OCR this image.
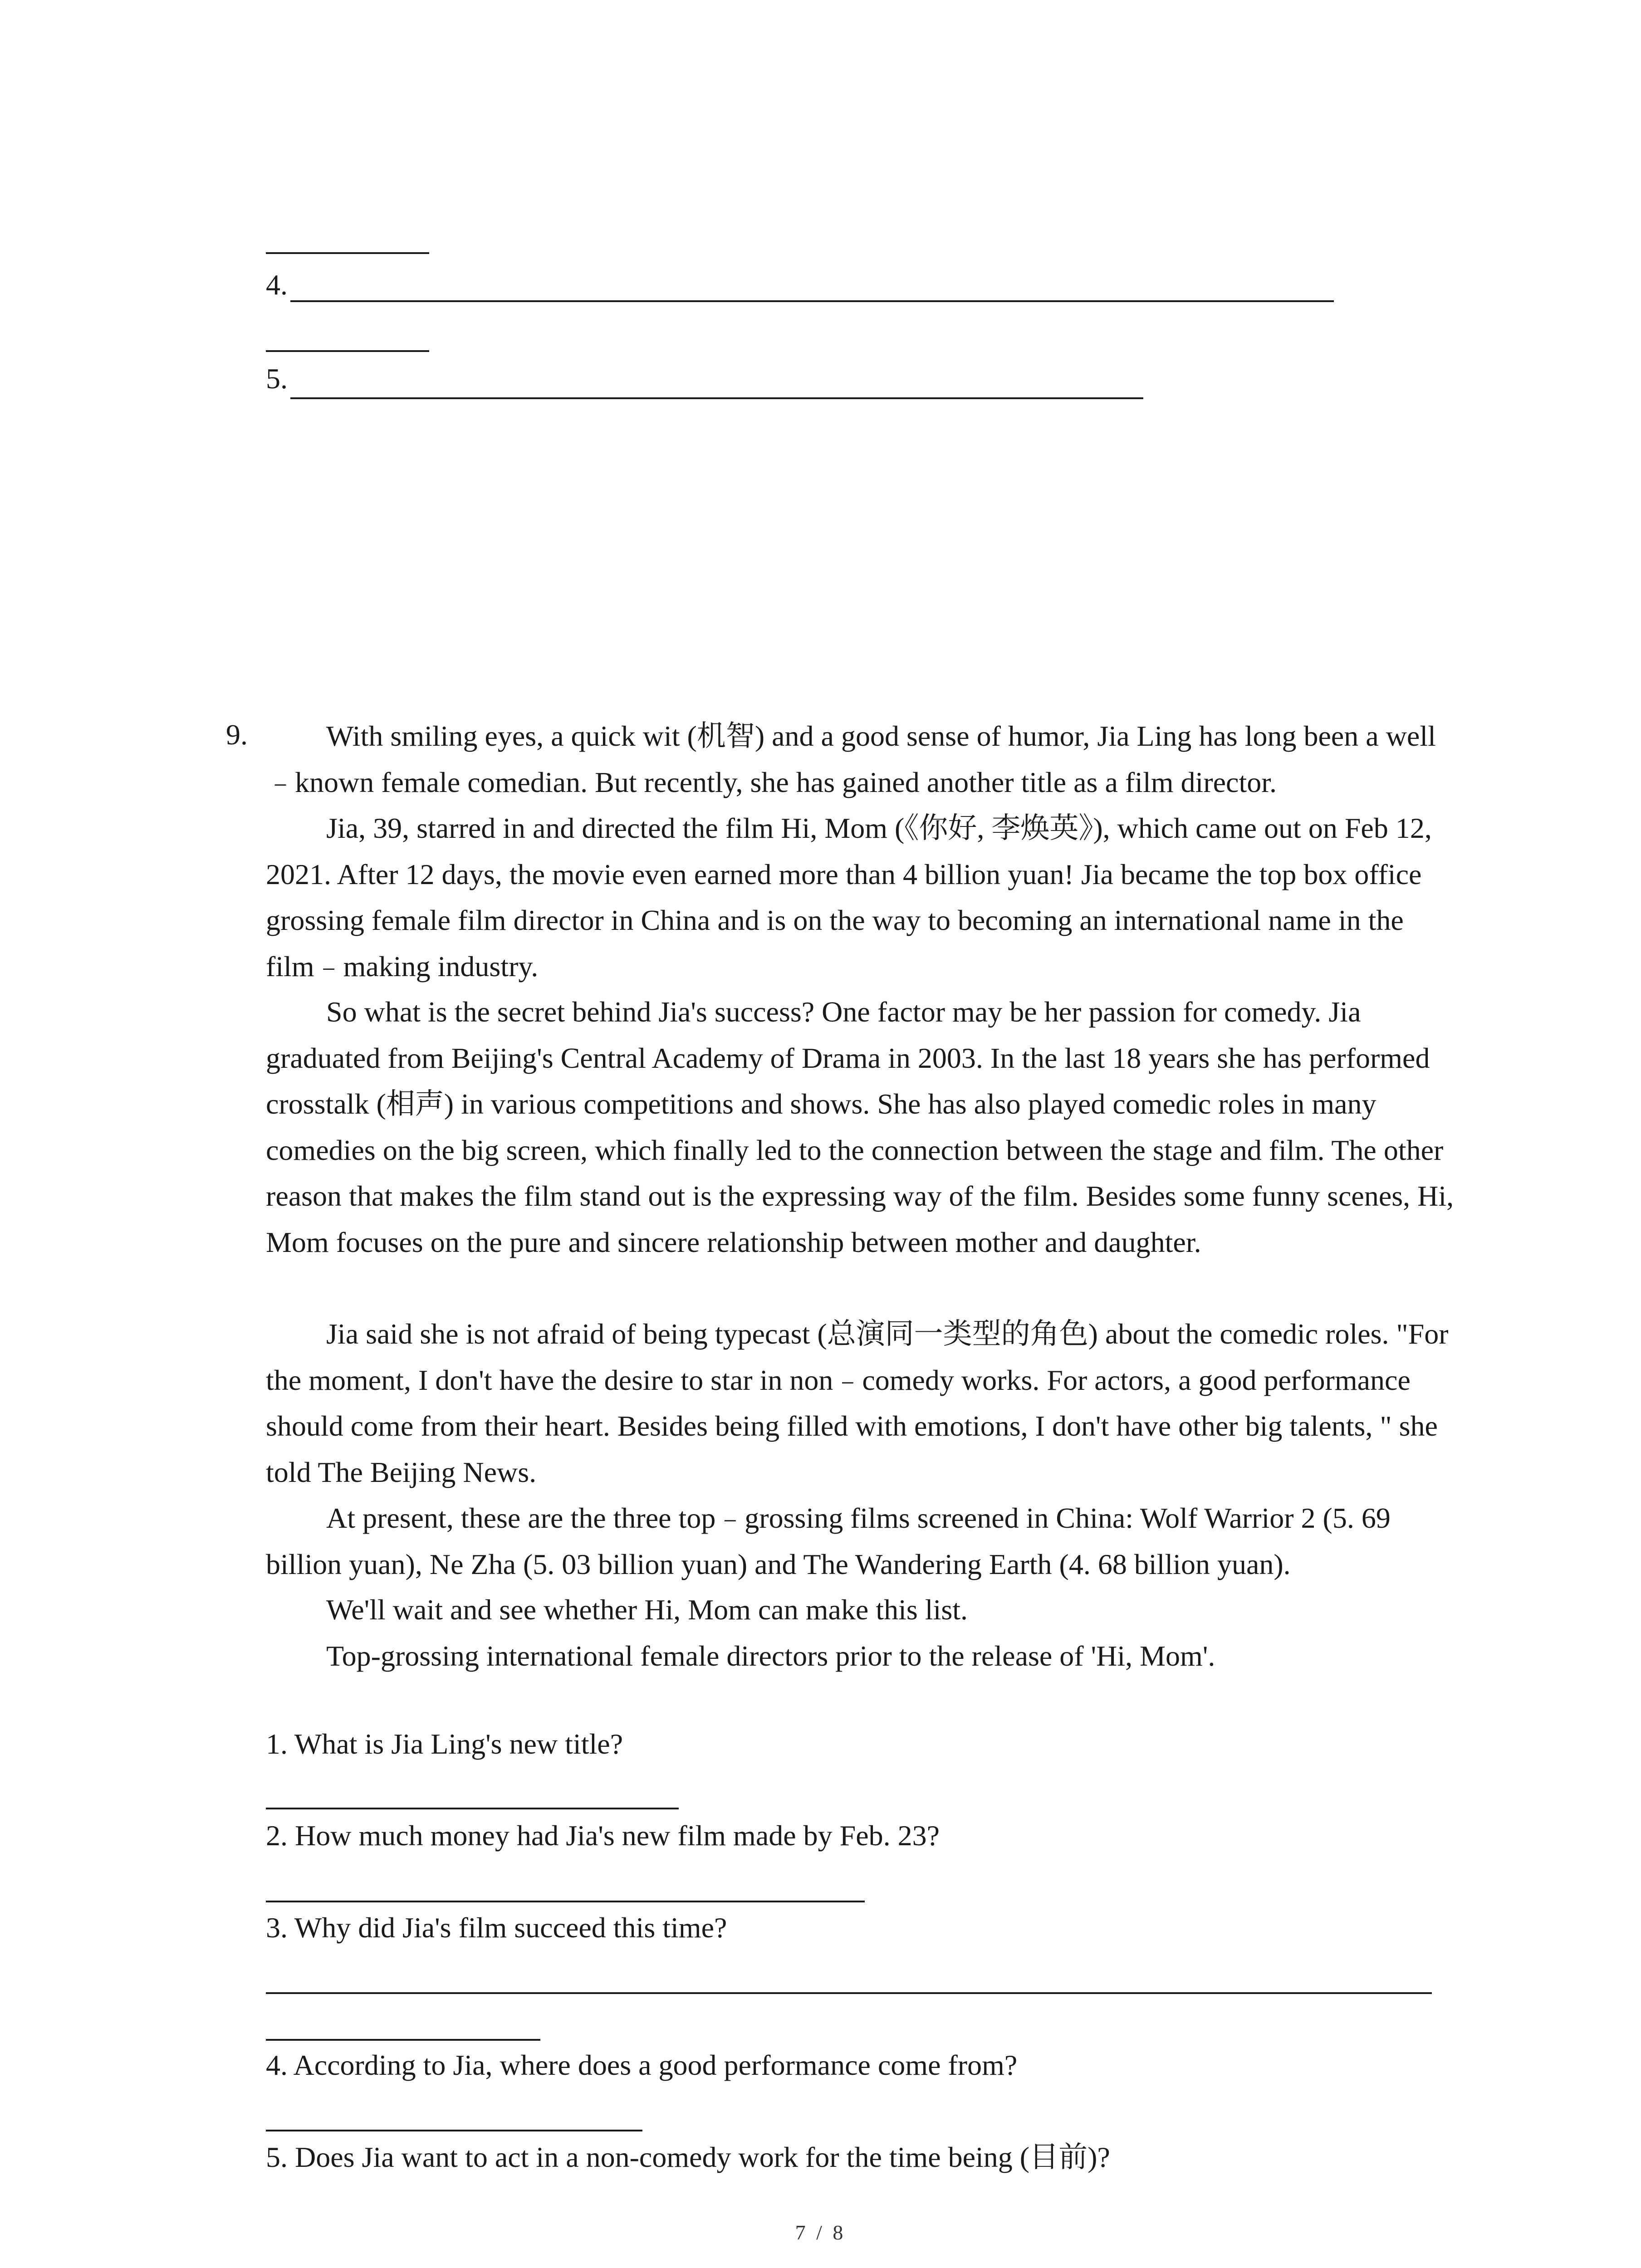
4.
5.
9.	With smiling eyes, a quick wit (机智) and a good sense of humor, Jia Ling has long been a well﹣known female comedian. But recently, she has gained another title as a film director.

Jia, 39, starred in and directed the film Hi, Mom (《你好, 李焕英》), which came out on Feb 12, 2021. After 12 days, the movie even earned more than 4 billion yuan! Jia became the top box office grossing female film director in China and is on the way to becoming an international name in the film﹣making industry.

So what is the secret behind Jia's success? One factor may be her passion for comedy. Jia graduated from Beijing's Central Academy of Drama in 2003. In the last 18 years she has performed crosstalk (相声) in various competitions and shows. She has also played comedic roles in many comedies on the big screen, which finally led to the connection between the stage and film. The other reason that makes the film stand out is the expressing way of the film. Besides some funny scenes, Hi, Mom focuses on the pure and sincere relationship between mother and daughter.

Jia said she is not afraid of being typecast (总演同一类型的角色) about the comedic roles. "For the moment, I don't have the desire to star in non﹣comedy works. For actors, a good performance should come from their heart. Besides being filled with emotions, I don't have other big talents, " she told The Beijing News.

At present, these are the three top﹣grossing films screened in China: Wolf Warrior 2 (5. 69 billion yuan), Ne Zha (5. 03 billion yuan) and The Wandering Earth (4. 68 billion yuan).

We'll wait and see whether Hi, Mom can make this list.

Top-grossing international female directors prior to the release of 'Hi, Mom'.

1. What is Jia Ling's new title?
2. How much money had Jia's new film made by Feb. 23?
3. Why did Jia's film succeed this time?
4. According to Jia, where does a good performance come from?
5. Does Jia want to act in a non-comedy work for the time being (目前)?
7 / 8
